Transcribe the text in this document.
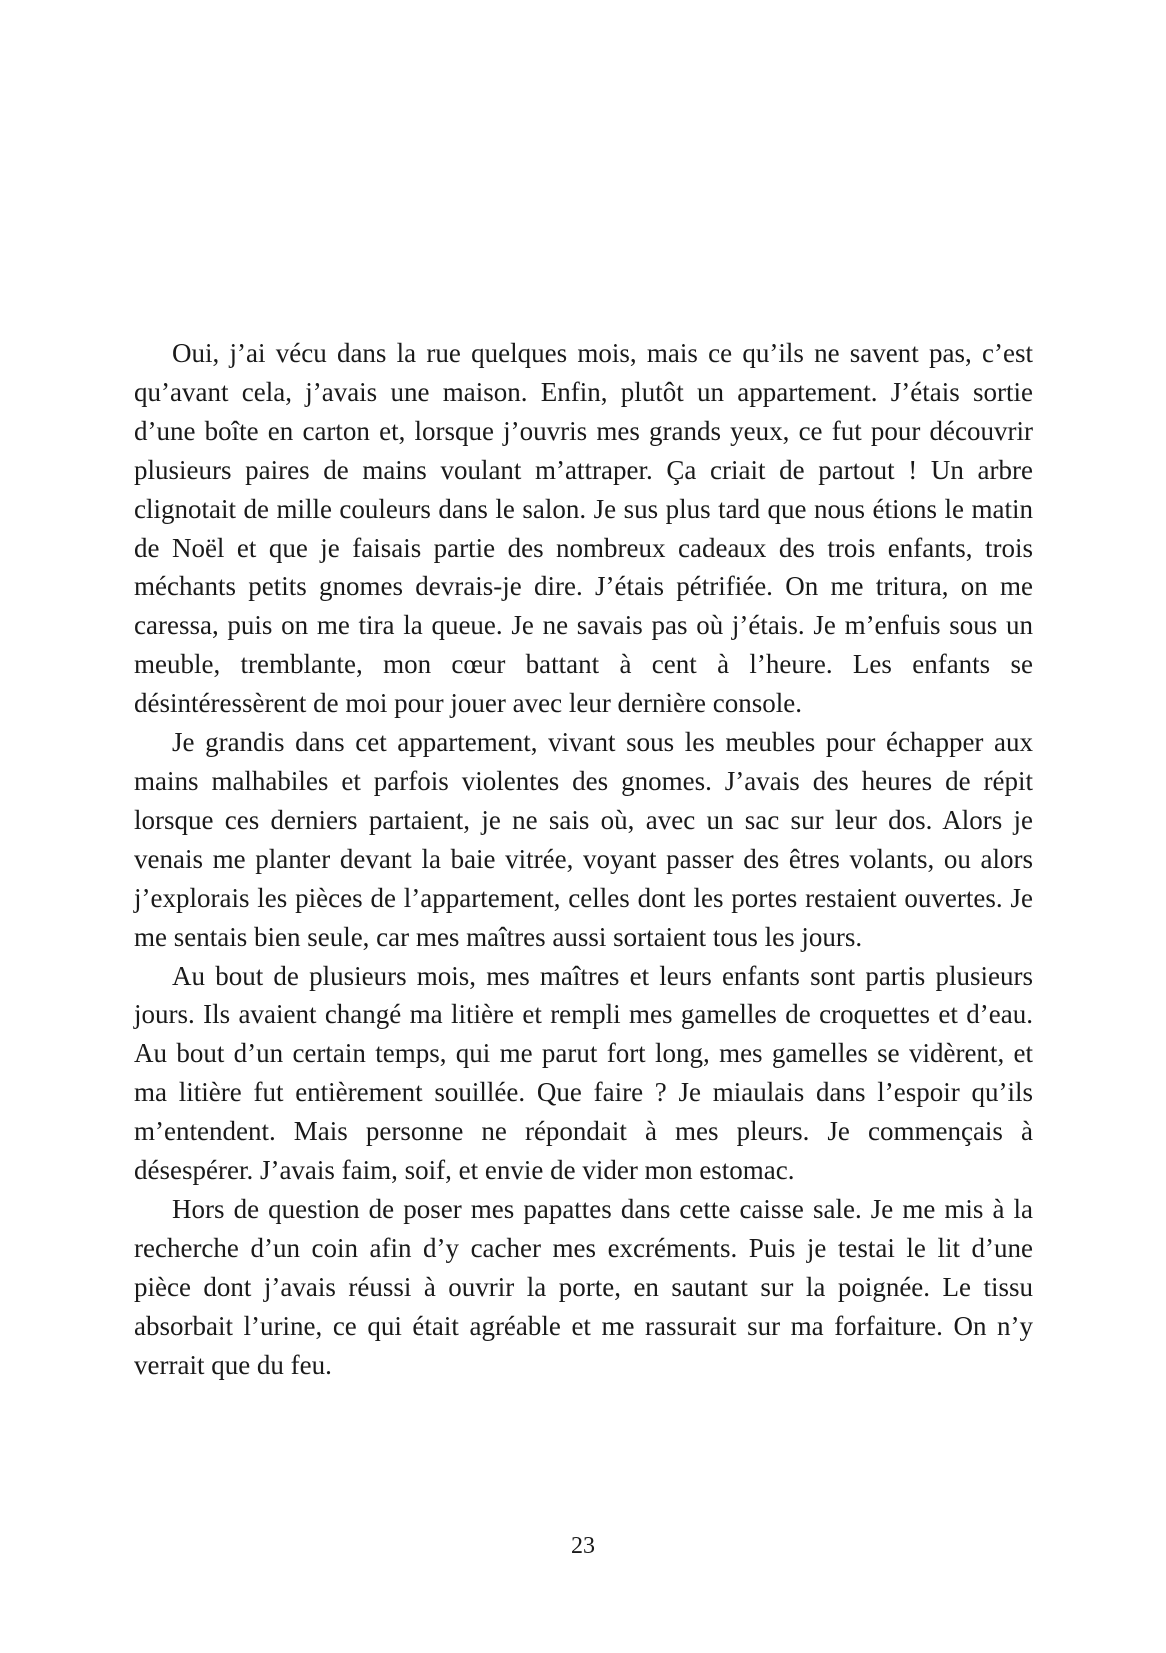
Oui, j’ai vécu dans la rue quelques mois, mais ce qu’ils ne savent pas, c’est qu’avant cela, j’avais une maison. Enfin, plutôt un appartement. J’étais sortie d’une boîte en carton et, lorsque j’ouvris mes grands yeux, ce fut pour découvrir plusieurs paires de mains voulant m’attraper. Ça criait de partout ! Un arbre clignotait de mille couleurs dans le salon. Je sus plus tard que nous étions le matin de Noël et que je faisais partie des nombreux cadeaux des trois enfants, trois méchants petits gnomes devrais-je dire. J’étais pétrifiée. On me tritura, on me caressa, puis on me tira la queue. Je ne savais pas où j’étais. Je m’enfuis sous un meuble, tremblante, mon cœur battant à cent à l’heure. Les enfants se désintéressèrent de moi pour jouer avec leur dernière console.

Je grandis dans cet appartement, vivant sous les meubles pour échapper aux mains malhabiles et parfois violentes des gnomes. J’avais des heures de répit lorsque ces derniers partaient, je ne sais où, avec un sac sur leur dos. Alors je venais me planter devant la baie vitrée, voyant passer des êtres volants, ou alors j’explorais les pièces de l’appartement, celles dont les portes restaient ouvertes. Je me sentais bien seule, car mes maîtres aussi sortaient tous les jours.

Au bout de plusieurs mois, mes maîtres et leurs enfants sont partis plusieurs jours. Ils avaient changé ma litière et rempli mes gamelles de croquettes et d’eau. Au bout d’un certain temps, qui me parut fort long, mes gamelles se vidèrent, et ma litière fut entièrement souillée. Que faire ? Je miaulais dans l’espoir qu’ils m’entendent. Mais personne ne répondait à mes pleurs. Je commençais à désespérer. J’avais faim, soif, et envie de vider mon estomac.

Hors de question de poser mes papattes dans cette caisse sale. Je me mis à la recherche d’un coin afin d’y cacher mes excréments. Puis je testai le lit d’une pièce dont j’avais réussi à ouvrir la porte, en sautant sur la poignée. Le tissu absorbait l’urine, ce qui était agréable et me rassurait sur ma forfaiture. On n’y verrait que du feu.

23
